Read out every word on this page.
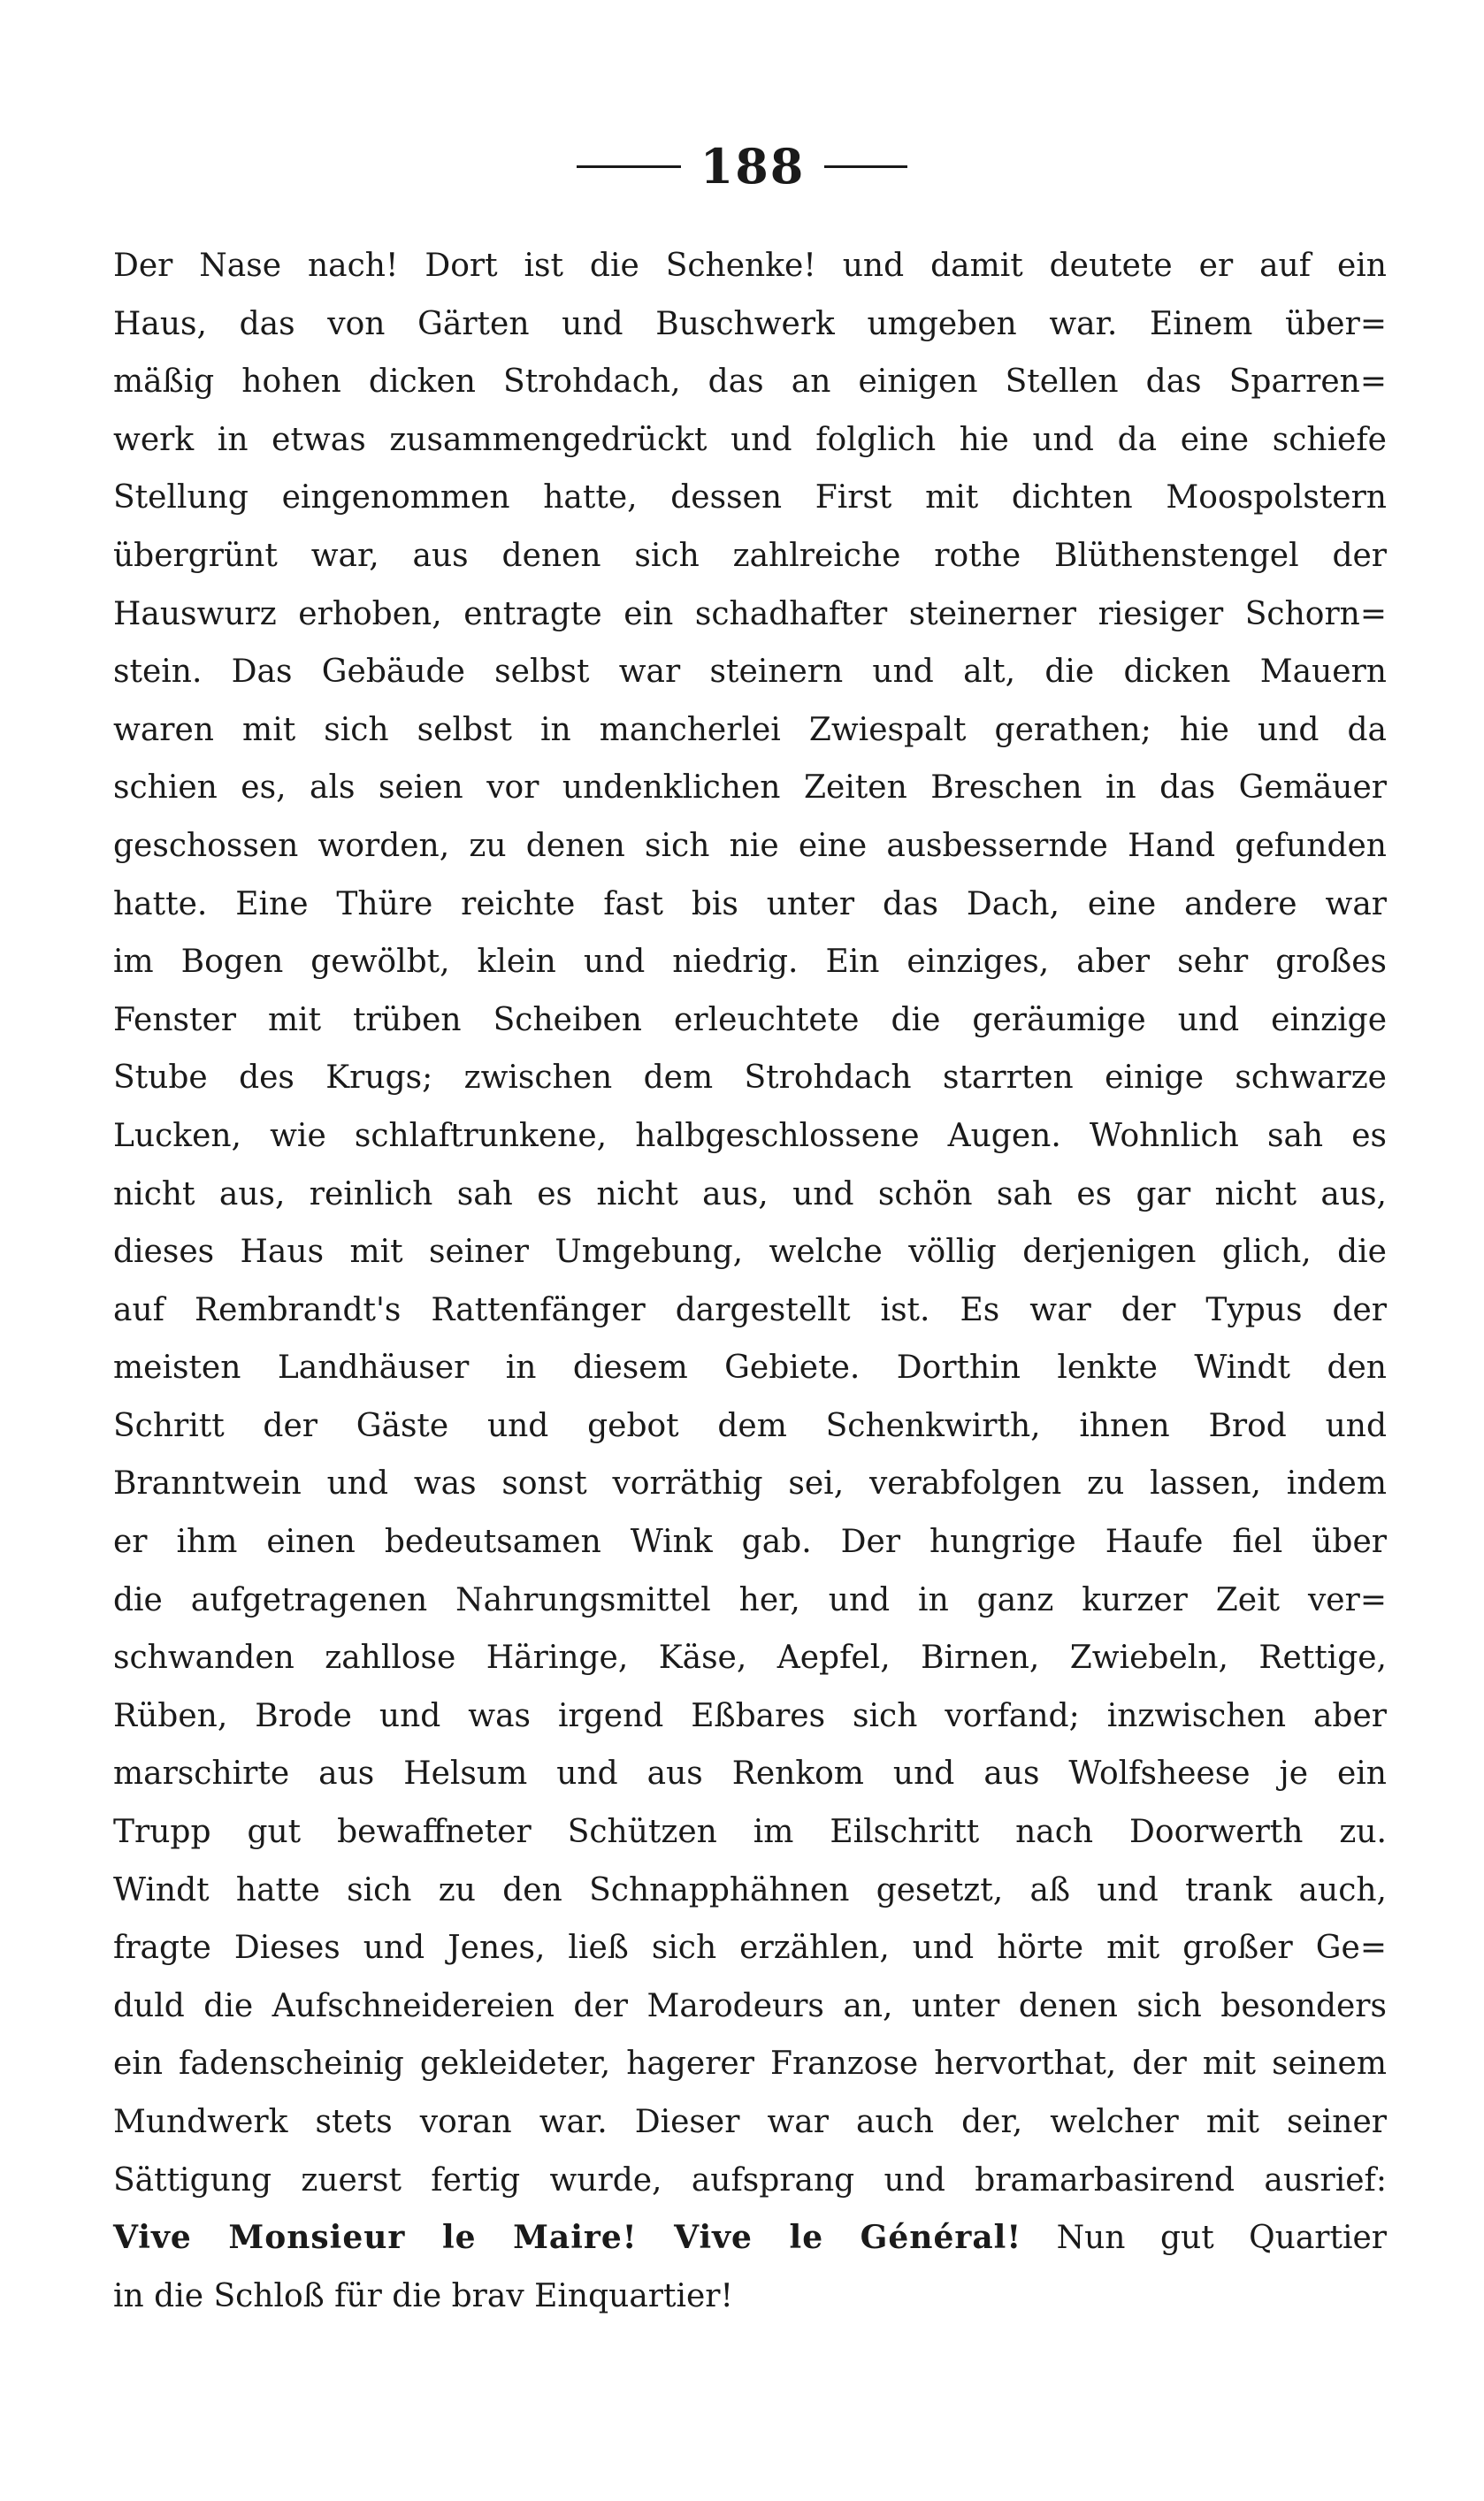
188
Der Nase nach! Dort ist die Schenke! und damit deutete er auf ein
Haus, das von Gärten und Buschwerk umgeben war. Einem über=
mäßig hohen dicken Strohdach, das an einigen Stellen das Sparren=
werk in etwas zusammengedrückt und folglich hie und da eine schiefe
Stellung eingenommen hatte, dessen First mit dichten Moospolstern
übergrünt war, aus denen sich zahlreiche rothe Blüthenstengel der
Hauswurz erhoben, entragte ein schadhafter steinerner riesiger Schorn=
stein. Das Gebäude selbst war steinern und alt, die dicken Mauern
waren mit sich selbst in mancherlei Zwiespalt gerathen; hie und da
schien es, als seien vor undenklichen Zeiten Breschen in das Gemäuer
geschossen worden, zu denen sich nie eine ausbessernde Hand gefunden
hatte. Eine Thüre reichte fast bis unter das Dach, eine andere war
im Bogen gewölbt, klein und niedrig. Ein einziges, aber sehr großes
Fenster mit trüben Scheiben erleuchtete die geräumige und einzige
Stube des Krugs; zwischen dem Strohdach starrten einige schwarze
Lucken, wie schlaftrunkene, halbgeschlossene Augen. Wohnlich sah es
nicht aus, reinlich sah es nicht aus, und schön sah es gar nicht aus,
dieses Haus mit seiner Umgebung, welche völlig derjenigen glich, die
auf Rembrandt's Rattenfänger dargestellt ist. Es war der Typus der
meisten Landhäuser in diesem Gebiete. Dorthin lenkte Windt den
Schritt der Gäste und gebot dem Schenkwirth, ihnen Brod und
Branntwein und was sonst vorräthig sei, verabfolgen zu lassen, indem
er ihm einen bedeutsamen Wink gab. Der hungrige Haufe fiel über
die aufgetragenen Nahrungsmittel her, und in ganz kurzer Zeit ver=
schwanden zahllose Häringe, Käse, Aepfel, Birnen, Zwiebeln, Rettige,
Rüben, Brode und was irgend Eßbares sich vorfand; inzwischen aber
marschirte aus Helsum und aus Renkom und aus Wolfsheese je ein
Trupp gut bewaffneter Schützen im Eilschritt nach Doorwerth zu.
Windt hatte sich zu den Schnapphähnen gesetzt, aß und trank auch,
fragte Dieses und Jenes, ließ sich erzählen, und hörte mit großer Ge=
duld die Aufschneidereien der Marodeurs an, unter denen sich besonders
ein fadenscheinig gekleideter, hagerer Franzose hervorthat, der mit seinem
Mundwerk stets voran war. Dieser war auch der, welcher mit seiner
Sättigung zuerst fertig wurde, aufsprang und bramarbasirend ausrief:
Vive Monsieur le Maire! Vive le Général! Nun gut Quartier
in die Schloß für die brav Einquartier!
